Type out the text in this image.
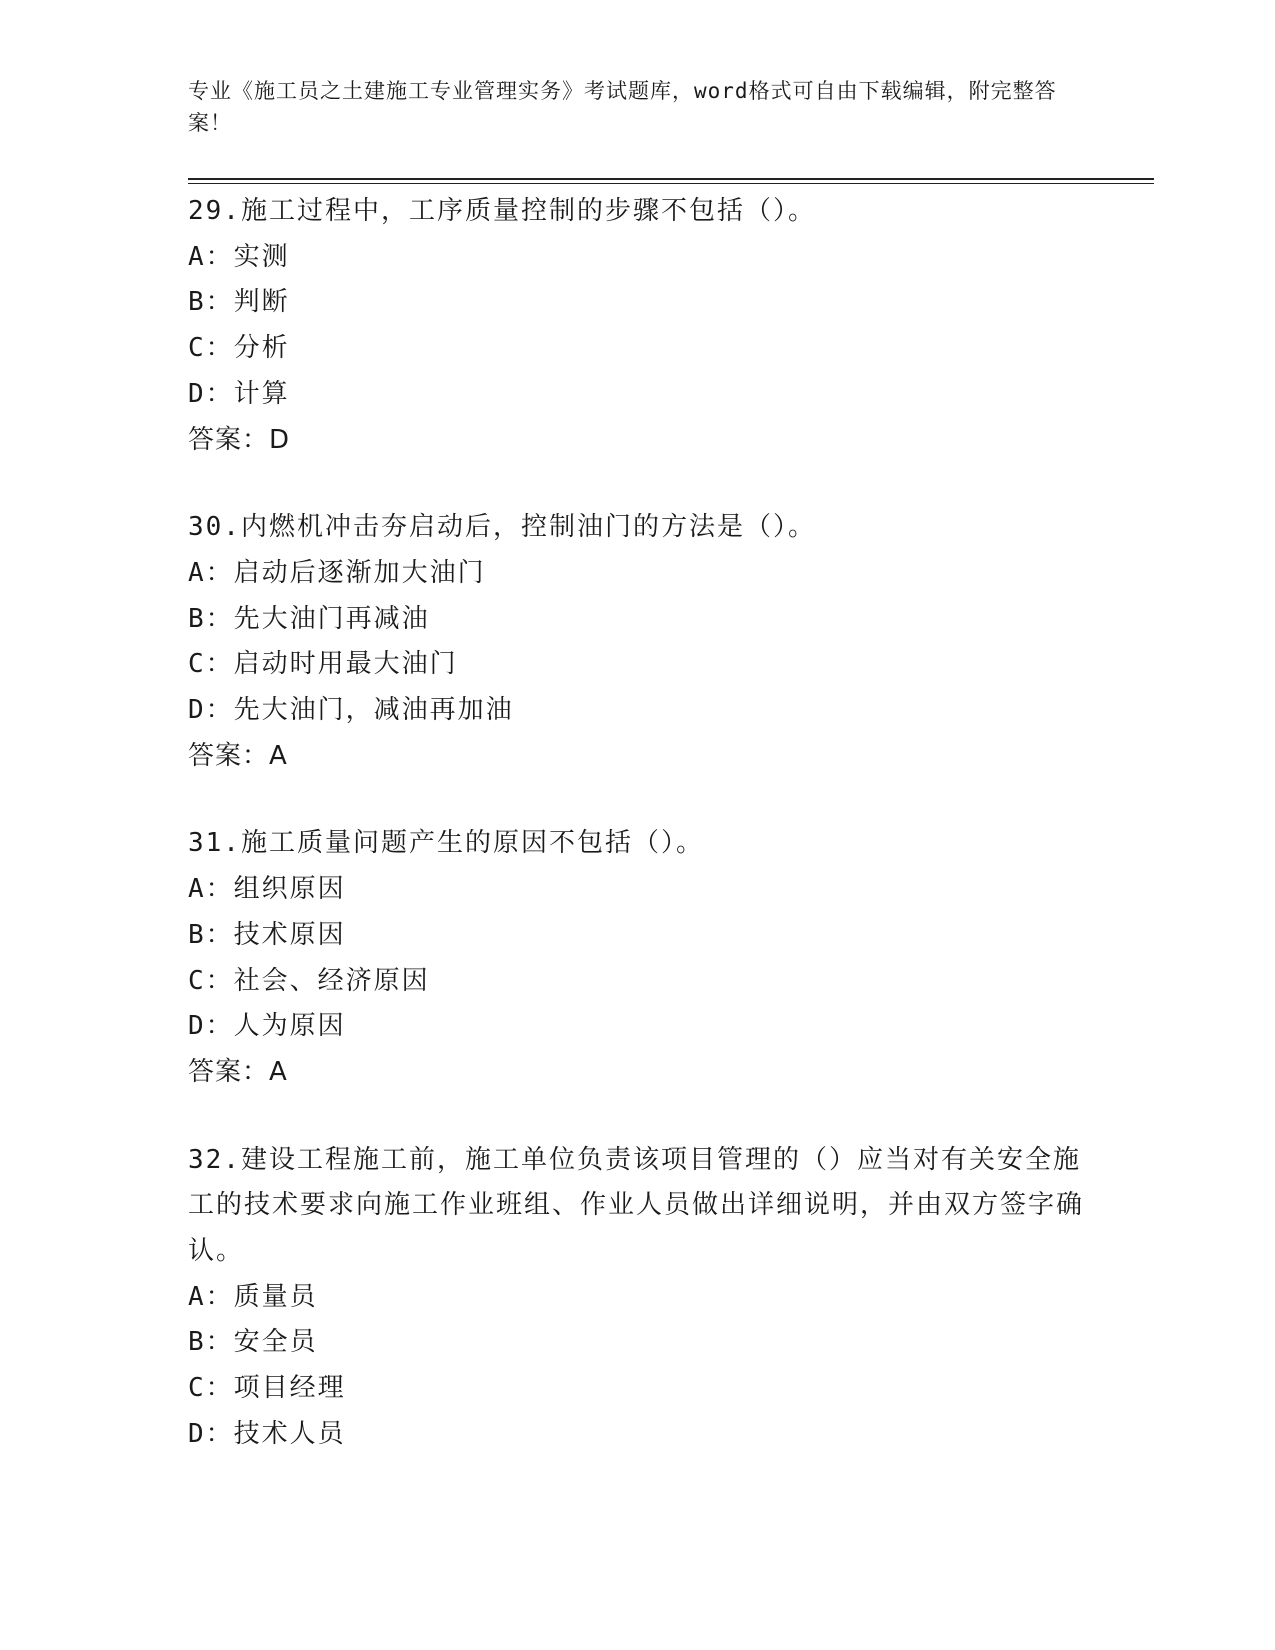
专业《施工员之土建施工专业管理实务》考试题库，word格式可自由下载编辑，附完整答案！
29.施工过程中，工序质量控制的步骤不包括（）。
A：实测
B：判断
C：分析
D：计算
答案：D
30.内燃机冲击夯启动后，控制油门的方法是（）。
A：启动后逐渐加大油门
B：先大油门再减油
C：启动时用最大油门
D：先大油门，减油再加油
答案：A
31.施工质量问题产生的原因不包括（）。
A：组织原因
B：技术原因
C：社会、经济原因
D：人为原因
答案：A
32.建设工程施工前，施工单位负责该项目管理的（）应当对有关安全施工的技术要求向施工作业班组、作业人员做出详细说明，并由双方签字确认。
A：质量员
B：安全员
C：项目经理
D：技术人员
